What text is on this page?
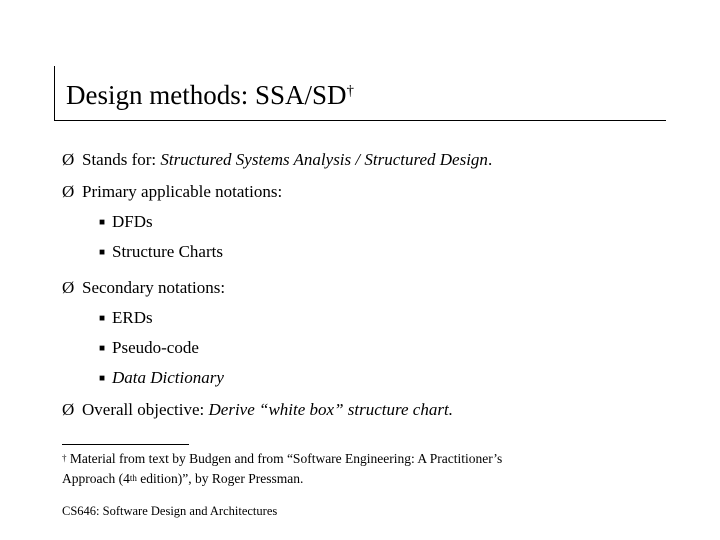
Design methods: SSA/SD†
Ø Stands for: Structured Systems Analysis / Structured Design.
Ø Primary applicable notations:
■ DFDs
■ Structure Charts
Ø Secondary notations:
■ ERDs
■ Pseudo-code
■ Data Dictionary
Ø Overall objective: Derive “white box” structure chart.
† Material from text by Budgen and from “Software Engineering: A Practitioner’s
Approach (4th edition)”, by Roger Pressman.
CS646: Software Design and Architectures
